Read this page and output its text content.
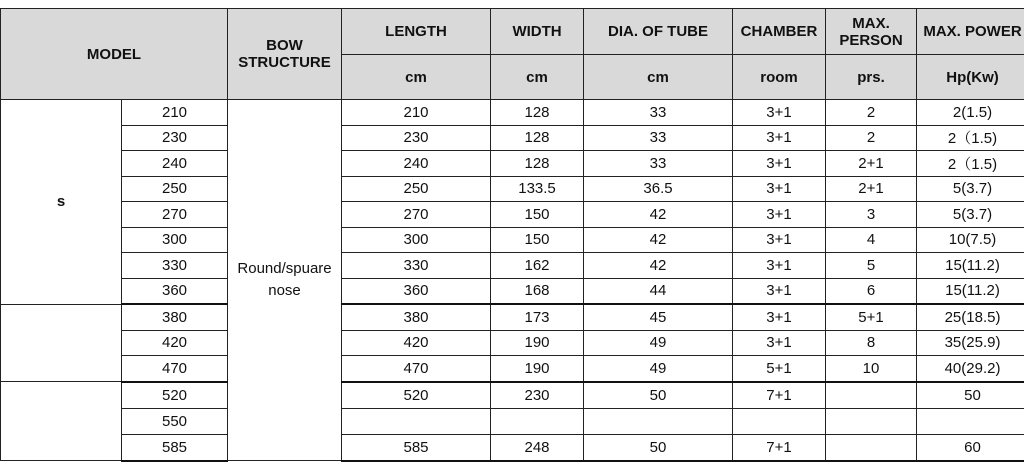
MODEL		BOW STRUCTURE	LENGTH	WIDTH	DIA. OF TUBE	CHAMBER	MAX. PERSON	MAX. POWER
			cm	cm	cm	room	prs.	Hp(Kw)
s	210	Round/spuare nose	210	128	33	3+1	2	2(1.5)
	230		230	128	33	3+1	2	2（1.5)
	240		240	128	33	3+1	2+1	2（1.5)
	250		250	133.5	36.5	3+1	2+1	5(3.7)
	270		270	150	42	3+1	3	5(3.7)
	300		300	150	42	3+1	4	10(7.5)
	330		330	162	42	3+1	5	15(11.2)
	360		360	168	44	3+1	6	15(11.2)
	380		380	173	45	3+1	5+1	25(18.5)
	420		420	190	49	3+1	8	35(25.9)
	470		470	190	49	5+1	10	40(29.2)
	520		520	230	50	7+1		50
	550							
	585		585	248	50	7+1		60
